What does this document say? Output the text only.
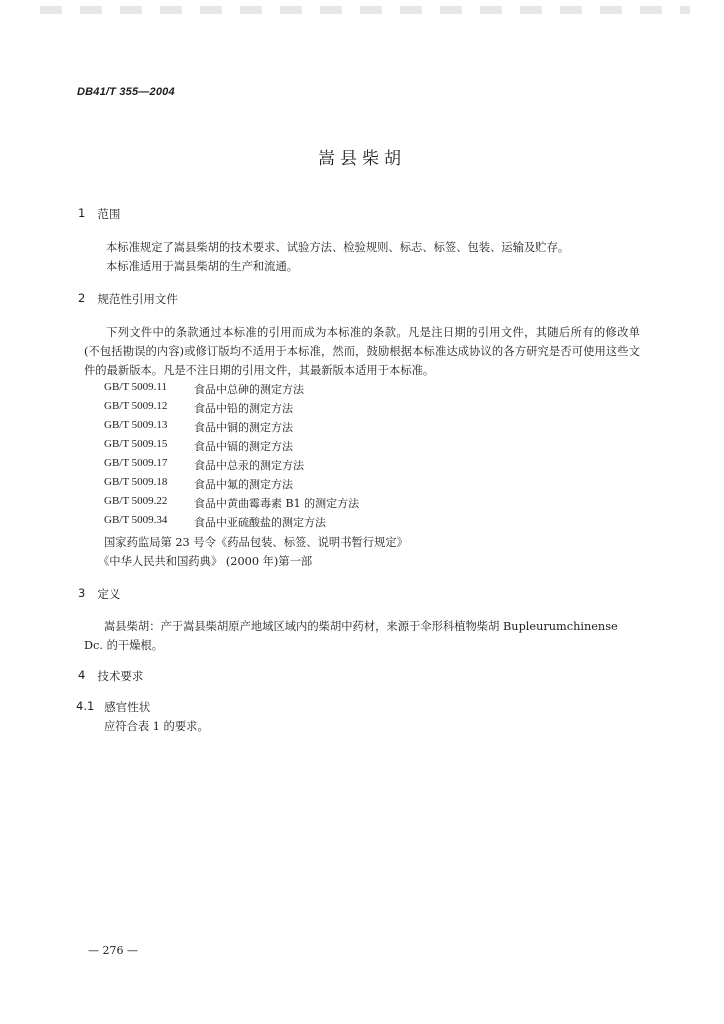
DB41/T 355—2004
嵩县柴胡
1 范围
本标准规定了嵩县柴胡的技术要求、试验方法、检验规则、标志、标签、包装、运输及贮存。
本标准适用于嵩县柴胡的生产和流通。
2 规范性引用文件
下列文件中的条款通过本标准的引用而成为本标准的条款。凡是注日期的引用文件，其随后所有的修改单(不包括勘误的内容)或修订版均不适用于本标准，然而，鼓励根据本标准达成协议的各方研究是否可使用这些文件的最新版本。凡是不注日期的引用文件，其最新版本适用于本标准。
GB/T 5009.11	食品中总砷的测定方法
GB/T 5009.12	食品中铅的测定方法
GB/T 5009.13	食品中铜的测定方法
GB/T 5009.15	食品中镉的测定方法
GB/T 5009.17	食品中总汞的测定方法
GB/T 5009.18	食品中氟的测定方法
GB/T 5009.22	食品中黄曲霉毒素 B1 的测定方法
GB/T 5009.34	食品中亚硫酸盐的测定方法
国家药监局第 23 号令《药品包装、标签、说明书暂行规定》
《中华人民共和国药典》 (2000 年)第一部
3 定义
嵩县柴胡：产于嵩县柴胡原产地域区域内的柴胡中药材，来源于伞形科植物柴胡 Bupleurumchinense
Dc. 的干燥根。
4 技术要求
4.1 感官性状
应符合表 1 的要求。
— 276 —
